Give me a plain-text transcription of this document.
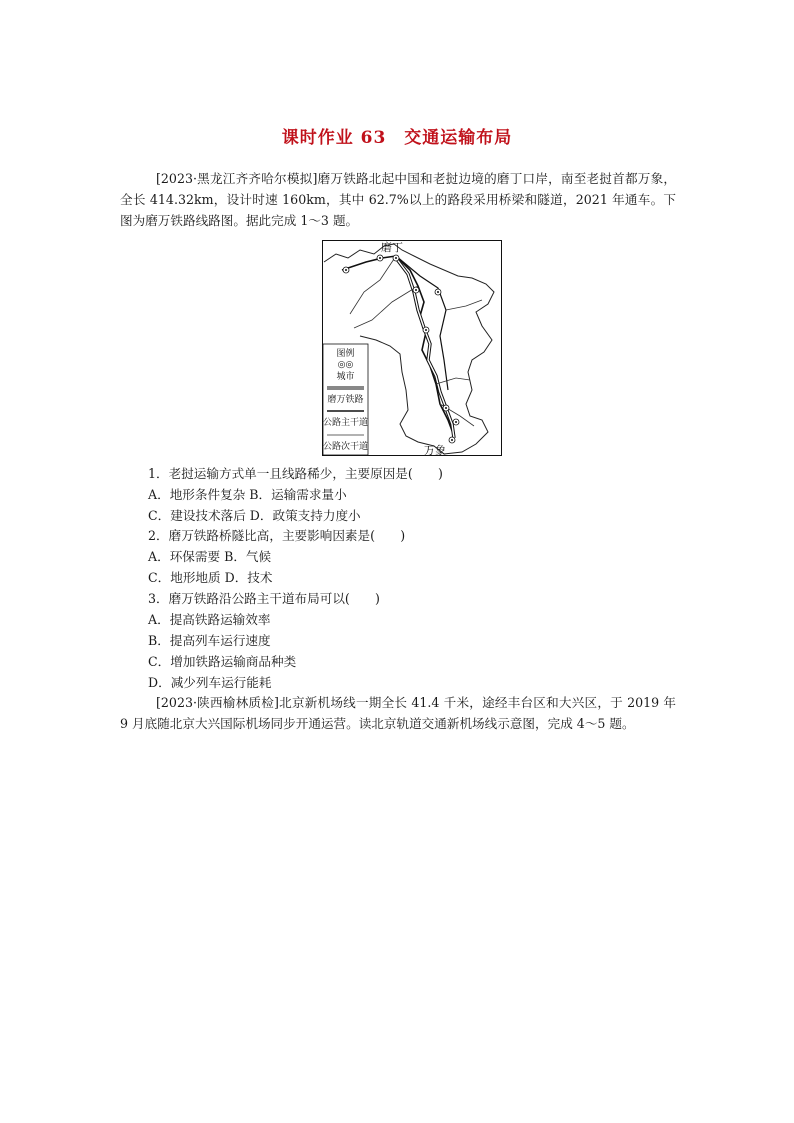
课时作业 63　交通运输布局

[2023·黑龙江齐齐哈尔模拟]磨万铁路北起中国和老挝边境的磨丁口岸，南至老挝首都万象，全长 414.32km，设计时速 160km，其中 62.7%以上的路段采用桥梁和隧道，2021 年通车。下图为磨万铁路线路图。据此完成 1～3 题。

磨丁
万象
图例
◎◎
城市
磨万铁路
公路主干道
公路次干道
1．老挝运输方式单一且线路稀少，主要原因是(　　)
A．地形条件复杂 B．运输需求量小
C．建设技术落后 D．政策支持力度小
2．磨万铁路桥隧比高，主要影响因素是(　　)
A．环保需要 B．气候
C．地形地质 D．技术
3．磨万铁路沿公路主干道布局可以(　　)
A．提高铁路运输效率
B．提高列车运行速度
C．增加铁路运输商品种类
D．减少列车运行能耗

[2023·陕西榆林质检]北京新机场线一期全长 41.4 千米，途经丰台区和大兴区，于 2019 年 9 月底随北京大兴国际机场同步开通运营。读北京轨道交通新机场线示意图，完成 4～5 题。
